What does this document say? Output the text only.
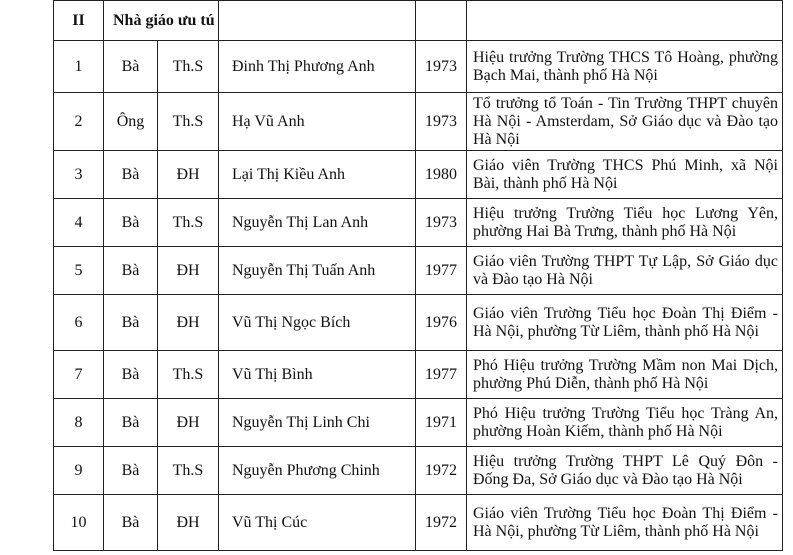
II	Nhà giáo ưu tú				
1	Bà	Th.S	Đinh Thị Phương Anh	1973	Hiệu trưởng Trường THCS Tô Hoàng, phường Bạch Mai, thành phố Hà Nội
2	Ông	Th.S	Hạ Vũ Anh	1973	Tổ trưởng tổ Toán - Tin Trường THPT chuyên Hà Nội - Amsterdam, Sở Giáo dục và Đào tạo Hà Nội
3	Bà	ĐH	Lại Thị Kiều Anh	1980	Giáo viên Trường THCS Phú Minh, xã Nội Bài, thành phố Hà Nội
4	Bà	Th.S	Nguyễn Thị Lan Anh	1973	Hiệu trưởng Trường Tiểu học Lương Yên, phường Hai Bà Trưng, thành phố Hà Nội
5	Bà	ĐH	Nguyễn Thị Tuấn Anh	1977	Giáo viên Trường THPT Tự Lập, Sở Giáo dục và Đào tạo Hà Nội
6	Bà	ĐH	Vũ Thị Ngọc Bích	1976	Giáo viên Trường Tiểu học Đoàn Thị Điểm - Hà Nội, phường Từ Liêm, thành phố Hà Nội
7	Bà	Th.S	Vũ Thị Bình	1977	Phó Hiệu trưởng Trường Mầm non Mai Dịch, phường Phú Diễn, thành phố Hà Nội
8	Bà	ĐH	Nguyễn Thị Linh Chi	1971	Phó Hiệu trưởng Trường Tiểu học Tràng An, phường Hoàn Kiếm, thành phố Hà Nội
9	Bà	Th.S	Nguyễn Phương Chinh	1972	Hiệu trưởng Trường THPT Lê Quý Đôn - Đống Đa, Sở Giáo dục và Đào tạo Hà Nội
10	Bà	ĐH	Vũ Thị Cúc	1972	Giáo viên Trường Tiểu học Đoàn Thị Điểm - Hà Nội, phường Từ Liêm, thành phố Hà Nội
